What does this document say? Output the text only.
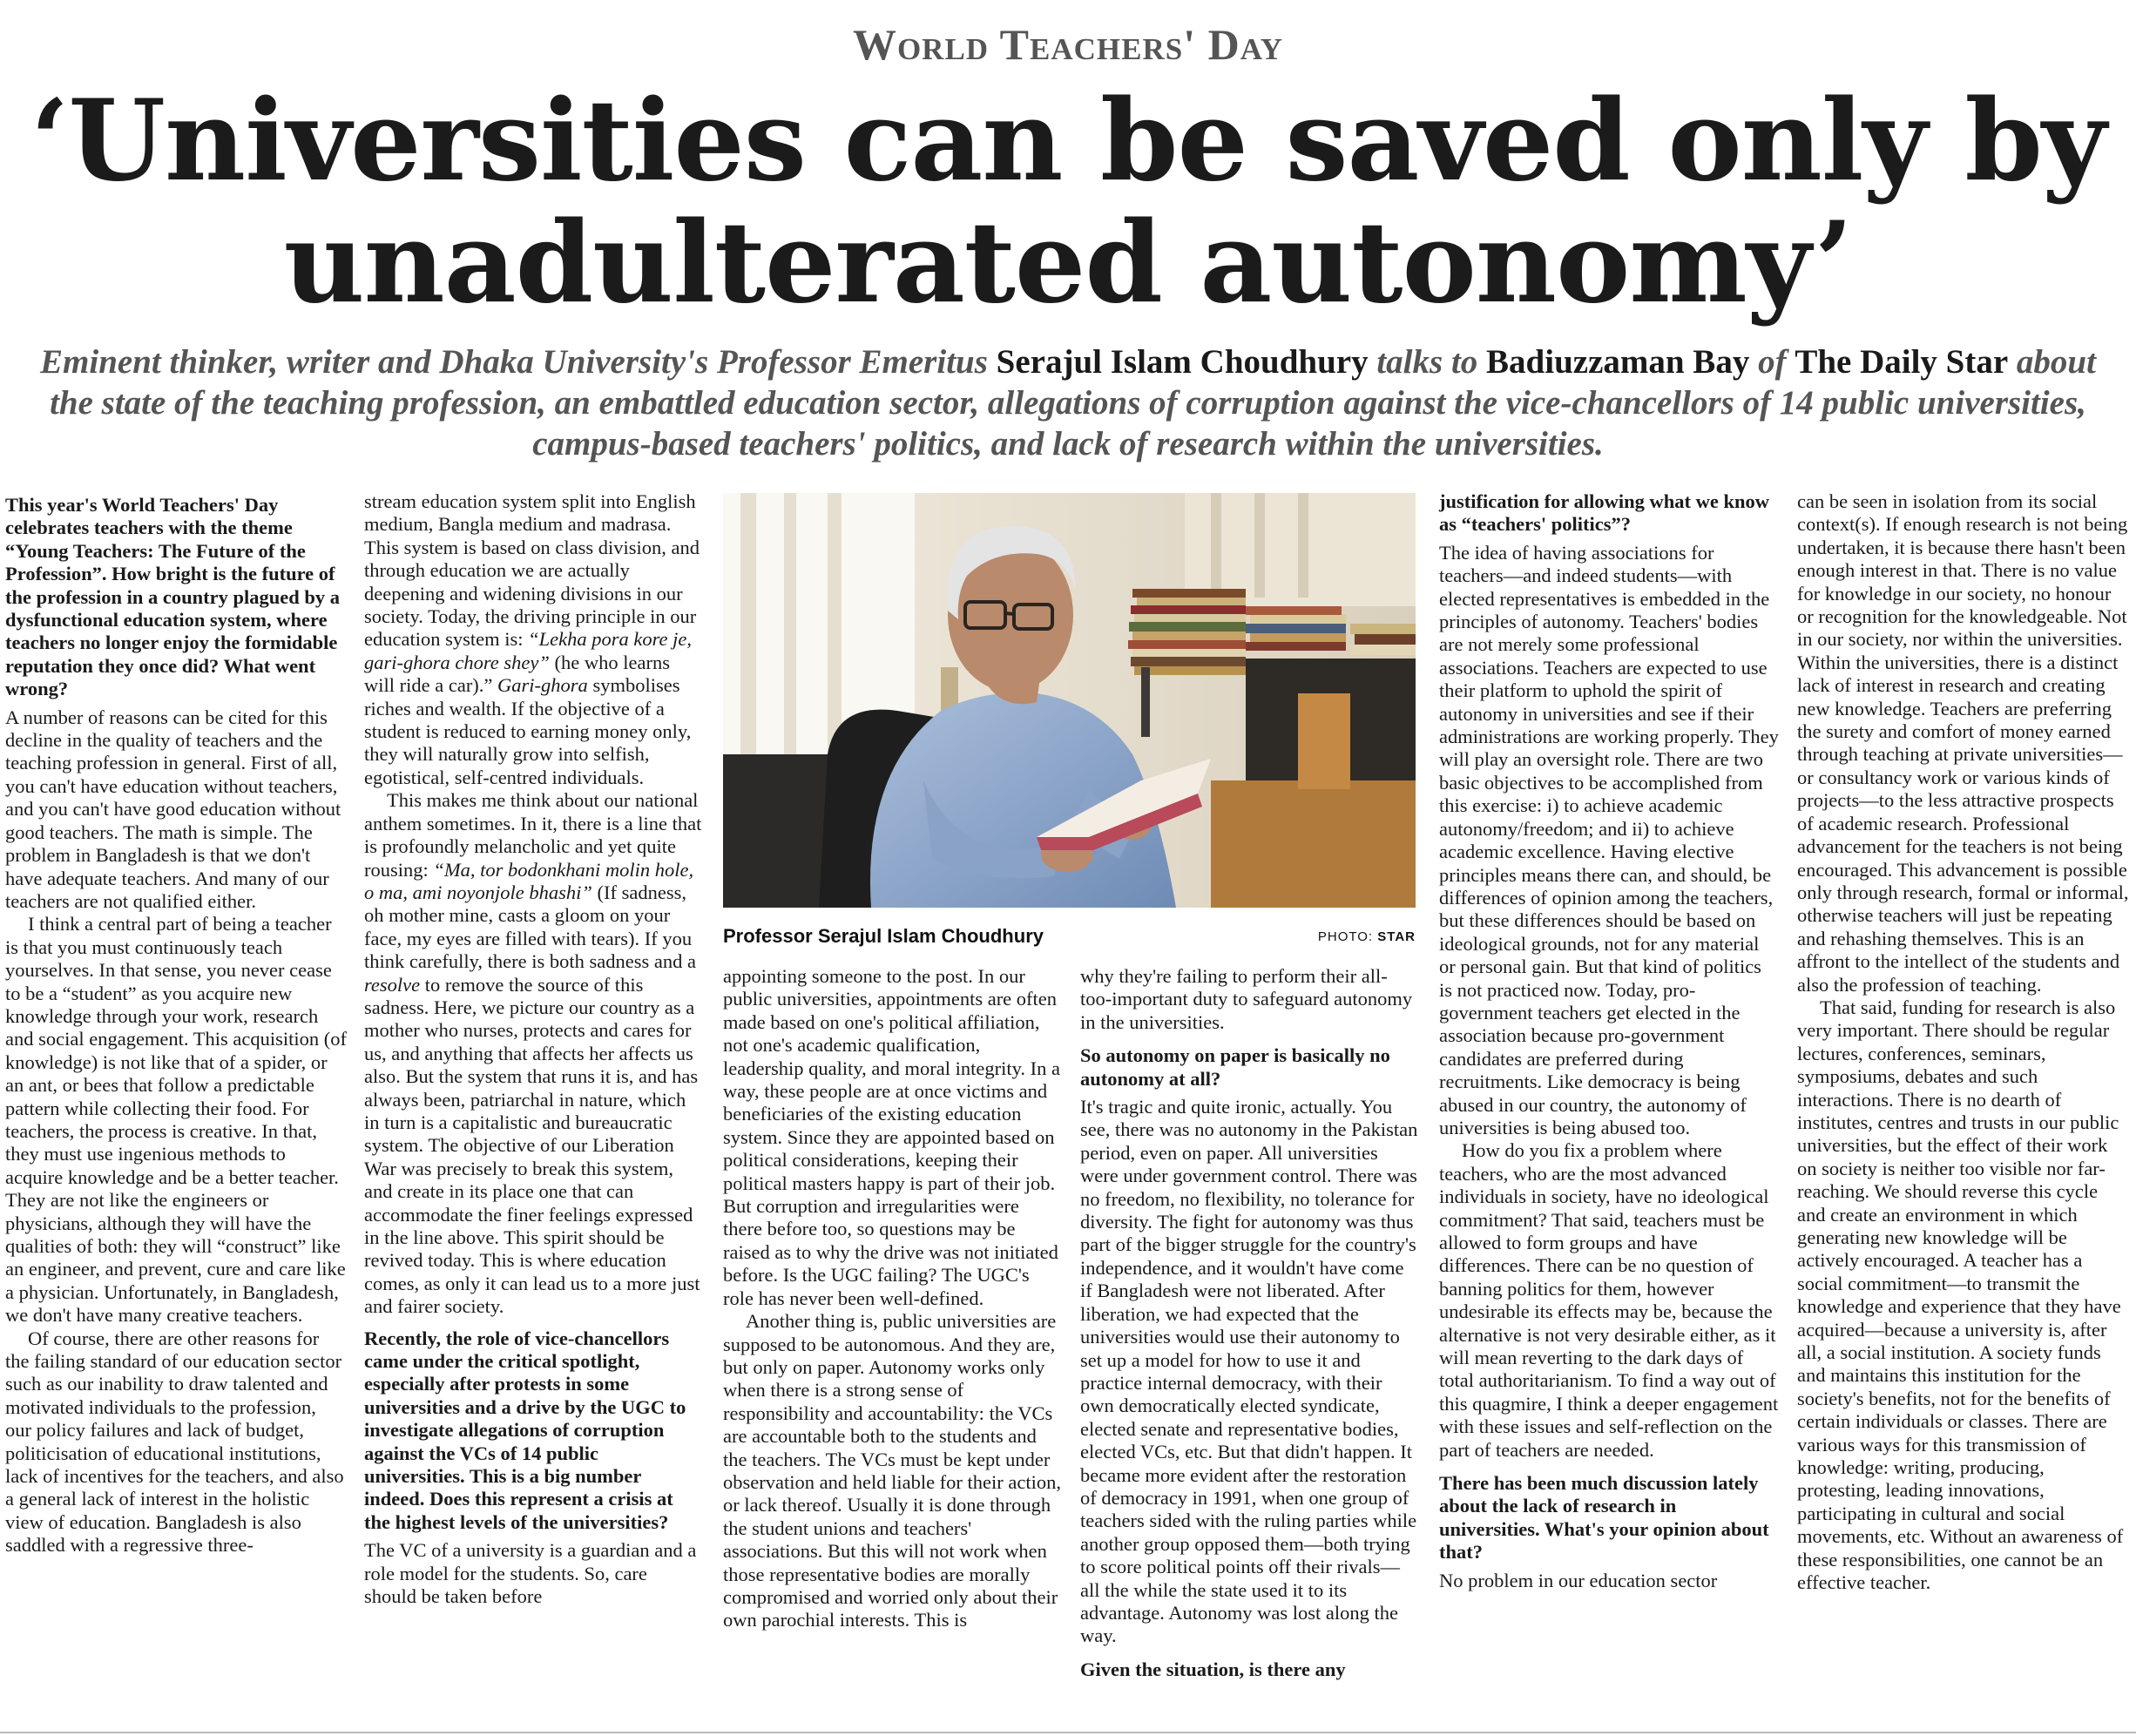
World Teachers' Day
‘Universities can be saved only by
unadulterated autonomy’
Eminent thinker, writer and Dhaka University's Professor Emeritus Serajul Islam Choudhury talks to Badiuzzaman Bay of The Daily Star about the state of the teaching profession, an embattled education sector, allegations of corruption against the vice-chancellors of 14 public universities, campus-based teachers' politics, and lack of research within the universities.

This year's World Teachers' Day celebrates teachers with the theme “Young Teachers: The Future of the Profession”. How bright is the future of the profession in a country plagued by a dysfunctional education system, where teachers no longer enjoy the formidable reputation they once did? What went wrong?

A number of reasons can be cited for this decline in the quality of teachers and the teaching profession in general. First of all, you can't have education without teachers, and you can't have good education without good teachers. The math is simple. The problem in Bangladesh is that we don't have adequate teachers. And many of our teachers are not qualified either.

I think a central part of being a teacher is that you must continuously teach yourselves. In that sense, you never cease to be a “student” as you acquire new knowledge through your work, research and social engagement. This acquisition (of knowledge) is not like that of a spider, or an ant, or bees that follow a predictable pattern while collecting their food. For teachers, the process is creative. In that, they must use ingenious methods to acquire knowledge and be a better teacher. They are not like the engineers or physicians, although they will have the qualities of both: they will “construct” like an engineer, and prevent, cure and care like a physician. Unfortunately, in Bangladesh, we don't have many creative teachers.

Of course, there are other reasons for the failing standard of our education sector such as our inability to draw talented and motivated individuals to the profession, our policy failures and lack of budget, politicisation of educational institutions, lack of incentives for the teachers, and also a general lack of interest in the holistic view of education. Bangladesh is also saddled with a regressive three-

stream education system split into English medium, Bangla medium and madrasa. This system is based on class division, and through education we are actually deepening and widening divisions in our society. Today, the driving principle in our education system is: “Lekha pora kore je, gari-ghora chore shey” (he who learns will ride a car).” Gari-ghora symbolises riches and wealth. If the objective of a student is reduced to earning money only, they will naturally grow into selfish, egotistical, self-centred individuals.

This makes me think about our national anthem sometimes. In it, there is a line that is profoundly melancholic and yet quite rousing: “Ma, tor bodonkhani molin hole, o ma, ami noyonjole bhashi” (If sadness, oh mother mine, casts a gloom on your face, my eyes are filled with tears). If you think carefully, there is both sadness and a resolve to remove the source of this sadness. Here, we picture our country as a mother who nurses, protects and cares for us, and anything that affects her affects us also. But the system that runs it is, and has always been, patriarchal in nature, which in turn is a capitalistic and bureaucratic system. The objective of our Liberation War was precisely to break this system, and create in its place one that can accommodate the finer feelings expressed in the line above. This spirit should be revived today. This is where education comes, as only it can lead us to a more just and fairer society.

Recently, the role of vice-chancellors came under the critical spotlight, especially after protests in some universities and a drive by the UGC to investigate allegations of corruption against the VCs of 14 public universities. This is a big number indeed. Does this represent a crisis at the highest levels of the universities?

The VC of a university is a guardian and a role model for the students. So, care should be taken before

Professor Serajul Islam Choudhury	PHOTO: STAR

appointing someone to the post. In our public universities, appointments are often made based on one's political affiliation, not one's academic qualification, leadership quality, and moral integrity. In a way, these people are at once victims and beneficiaries of the existing education system. Since they are appointed based on political considerations, keeping their political masters happy is part of their job. But corruption and irregularities were there before too, so questions may be raised as to why the drive was not initiated before. Is the UGC failing? The UGC's role has never been well-defined.

Another thing is, public universities are supposed to be autonomous. And they are, but only on paper. Autonomy works only when there is a strong sense of responsibility and accountability: the VCs are accountable both to the students and the teachers. The VCs must be kept under observation and held liable for their action, or lack thereof. Usually it is done through the student unions and teachers' associations. But this will not work when those representative bodies are morally compromised and worried only about their own parochial interests. This is

why they're failing to perform their all-too-important duty to safeguard autonomy in the universities.

So autonomy on paper is basically no autonomy at all?

It's tragic and quite ironic, actually. You see, there was no autonomy in the Pakistan period, even on paper. All universities were under government control. There was no freedom, no flexibility, no tolerance for diversity. The fight for autonomy was thus part of the bigger struggle for the country's independence, and it wouldn't have come if Bangladesh were not liberated. After liberation, we had expected that the universities would use their autonomy to set up a model for how to use it and practice internal democracy, with their own democratically elected syndicate, elected senate and representative bodies, elected VCs, etc. But that didn't happen. It became more evident after the restoration of democracy in 1991, when one group of teachers sided with the ruling parties while another group opposed them—both trying to score political points off their rivals—all the while the state used it to its advantage. Autonomy was lost along the way.

Given the situation, is there any

justification for allowing what we know as “teachers' politics”?

The idea of having associations for teachers—and indeed students—with elected representatives is embedded in the principles of autonomy. Teachers' bodies are not merely some professional associations. Teachers are expected to use their platform to uphold the spirit of autonomy in universities and see if their administrations are working properly. They will play an oversight role. There are two basic objectives to be accomplished from this exercise: i) to achieve academic autonomy/freedom; and ii) to achieve academic excellence. Having elective principles means there can, and should, be differences of opinion among the teachers, but these differences should be based on ideological grounds, not for any material or personal gain. But that kind of politics is not practiced now. Today, pro-government teachers get elected in the association because pro-government candidates are preferred during recruitments. Like democracy is being abused in our country, the autonomy of universities is being abused too.

How do you fix a problem where teachers, who are the most advanced individuals in society, have no ideological commitment? That said, teachers must be allowed to form groups and have differences. There can be no question of banning politics for them, however undesirable its effects may be, because the alternative is not very desirable either, as it will mean reverting to the dark days of total authoritarianism. To find a way out of this quagmire, I think a deeper engagement with these issues and self-reflection on the part of teachers are needed.

There has been much discussion lately about the lack of research in universities. What's your opinion about that?

No problem in our education sector

can be seen in isolation from its social context(s). If enough research is not being undertaken, it is because there hasn't been enough interest in that. There is no value for knowledge in our society, no honour or recognition for the knowledgeable. Not in our society, nor within the universities. Within the universities, there is a distinct lack of interest in research and creating new knowledge. Teachers are preferring the surety and comfort of money earned through teaching at private universities—or consultancy work or various kinds of projects—to the less attractive prospects of academic research. Professional advancement for the teachers is not being encouraged. This advancement is possible only through research, formal or informal, otherwise teachers will just be repeating and rehashing themselves. This is an affront to the intellect of the students and also the profession of teaching.

That said, funding for research is also very important. There should be regular lectures, conferences, seminars, symposiums, debates and such interactions. There is no dearth of institutes, centres and trusts in our public universities, but the effect of their work on society is neither too visible nor far-reaching. We should reverse this cycle and create an environment in which generating new knowledge will be actively encouraged. A teacher has a social commitment—to transmit the knowledge and experience that they have acquired—because a university is, after all, a social institution. A society funds and maintains this institution for the society's benefits, not for the benefits of certain individuals or classes. There are various ways for this transmission of knowledge: writing, producing, protesting, leading innovations, participating in cultural and social movements, etc. Without an awareness of these responsibilities, one cannot be an effective teacher.
